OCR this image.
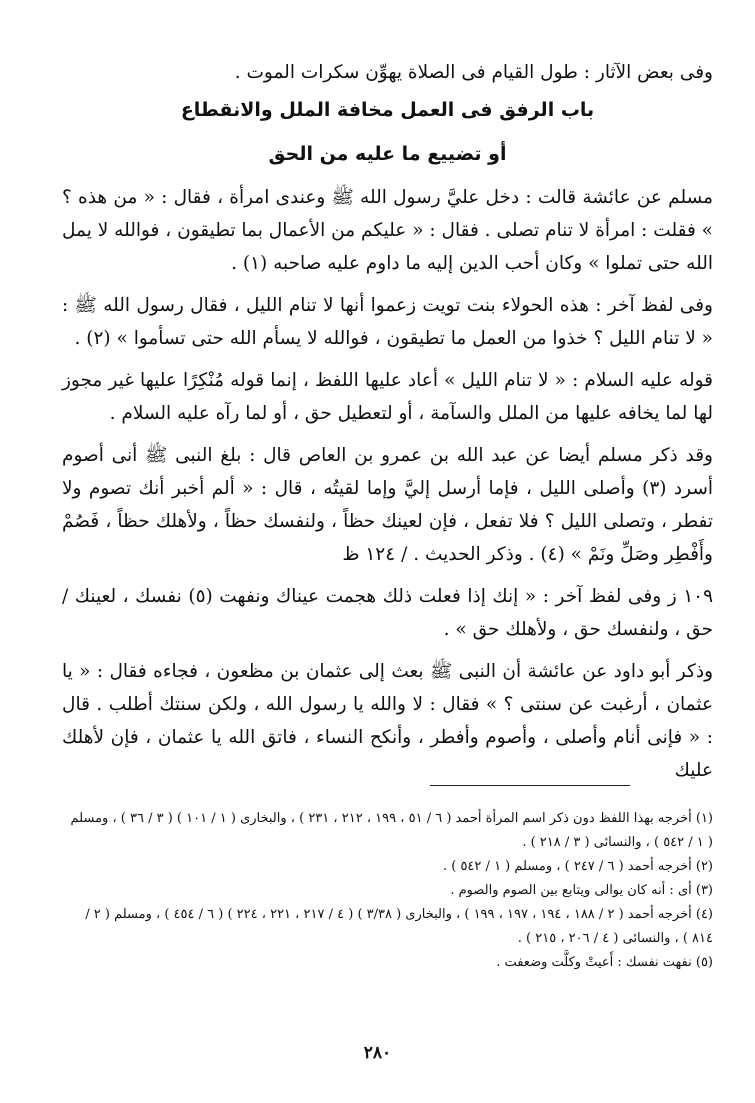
وفى بعض الآثار : طول القيام فى الصلاة يهوِّن سكرات الموت .

باب الرفق فى العمل مخافة الملل والانقطاع
أو تضييع ما عليه من الحق

مسلم عن عائشة قالت : دخل عليَّ رسول الله ﷺ وعندى امرأة ، فقال : « من هذه ؟ » فقلت : امرأة لا تنام تصلى . فقال : « عليكم من الأعمال بما تطيقون ، فوالله لا يمل الله حتى تملوا » وكان أحب الدين إليه ما داوم عليه صاحبه (١) .

وفى لفظ آخر : هذه الحولاء بنت تويت زعموا أنها لا تنام الليل ، فقال رسول الله ﷺ : « لا تنام الليل ؟ خذوا من العمل ما تطيقون ، فوالله لا يسأم الله حتى تسأموا » (٢) .

قوله عليه السلام : « لا تنام الليل » أعاد عليها اللفظ ، إنما قوله مُنْكِرًا عليها غير مجوز لها لما يخافه عليها من الملل والسآمة ، أو لتعطيل حق ، أو لما رآه عليه السلام .

وقد ذكر مسلم أيضا عن عبد الله بن عمرو بن العاص قال : بلغ النبى ﷺ أنى أصوم أسرد (٣) وأصلى الليل ، فإما أرسل إليَّ وإما لقيتُه ، قال : « ألم أخبر أنك تصوم ولا تفطر ، وتصلى الليل ؟ فلا تفعل ، فإن لعينك حظاً ، ولنفسك حظاً ، ولأهلك حظاً ، فَصُمْ وأَفْطِر وصَلِّ ونَمْ » (٤) . وذكر الحديث . ١٢٤ ظ /

١٠٩ ز وفى لفظ آخر : « إنك إذا فعلت ذلك هجمت عيناك ونفهت (٥) نفسك ، لعينك / حق ، ولنفسك حق ، ولأهلك حق » .

وذكر أبو داود عن عائشة أن النبى ﷺ بعث إلى عثمان بن مظعون ، فجاءه فقال : « يا عثمان ، أرغبت عن سنتى ؟ » فقال : لا والله يا رسول الله ، ولكن سنتك أطلب . قال : « فإنى أنام وأصلى ، وأصوم وأفطر ، وأنكح النساء ، فاتق الله يا عثمان ، فإن لأهلك عليك

(١) أخرجه بهذا اللفظ دون ذكر اسم المرأة أحمد ( ٦ / ٥١ ، ١٩٩ ، ٢١٢ ، ٢٣١ ) ، والبخارى ( ١ / ١٠١ ) ( ٣ / ٣٦ ) ، ومسلم ( ١ / ٥٤٢ ) ، والنسائى ( ٣ / ٢١٨ ) .
(٢) أخرجه أحمد ( ٦ / ٢٤٧ ) ، ومسلم ( ١ / ٥٤٢ ) .
(٣) أى : أنه كان يوالى ويتابع بين الصوم والصوم .
(٤) أخرجه أحمد ( ٢ / ١٨٨ ، ١٩٤ ، ١٩٧ ، ١٩٩ ) ، والبخارى ( ٣/٣٨ ) ( ٤ / ٢١٧ ، ٢٢١ ، ٢٢٤ ) ( ٦ / ٤٥٤ ) ، ومسلم ( ٢ / ٨١٤ ) ، والنسائى ( ٤ / ٢٠٦ ، ٢١٥ ) .
(٥) نفهت نفسك : أَعيتْ وكلَّت وضعفت .
٢٨٠
